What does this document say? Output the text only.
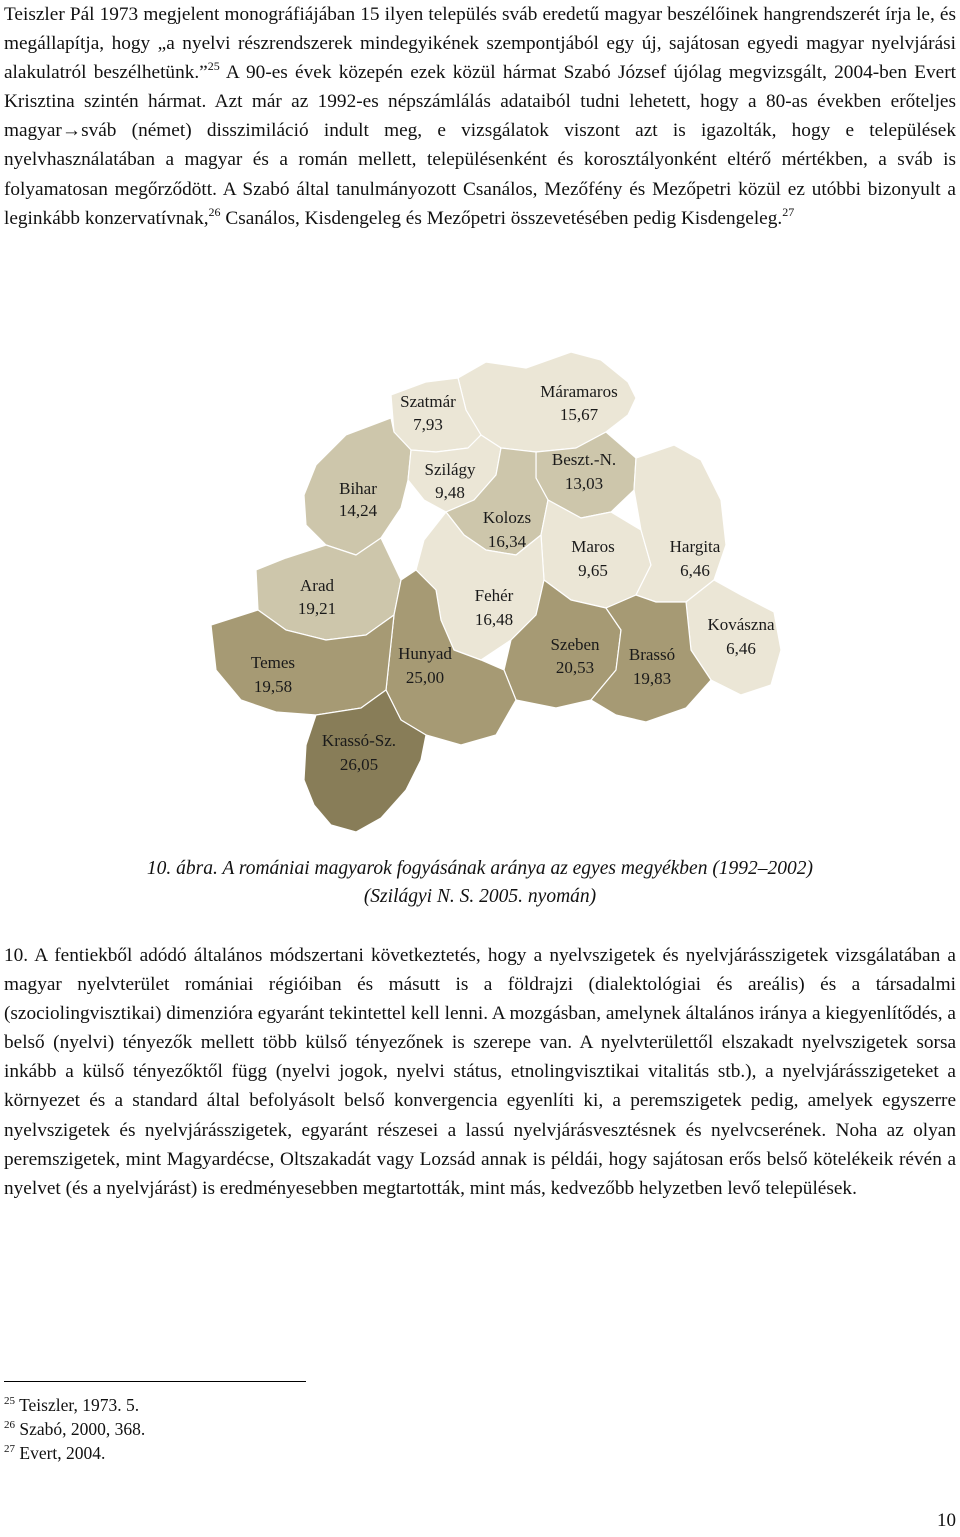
Teiszler Pál 1973 megjelent monográfiájában 15 ilyen település sváb eredetű magyar beszélőinek hangrendszerét írja le, és megállapítja, hogy „a nyelvi részrendszerek mindegyikének szempontjából egy új, sajátosan egyedi magyar nyelvjárási alakulatról beszélhetünk.”$^{25}$ A 90-es évek közepén ezek közül hármat Szabó József újólag megvizsgált, 2004-ben Evert Krisztina szintén hármat. Azt már az 1992-es népszámlálás adataiból tudni lehetett, hogy a 80-as években erőteljes magyar→sváb (német) disszimiláció indult meg, e vizsgálatok viszont azt is igazolták, hogy e települések nyelvhasználatában a magyar és a román mellett, településenként és korosztályonként eltérő mértékben, a sváb is folyamatosan megőrződött. A Szabó által tanulmányozott Csanálos, Mezőfény és Mezőpetri közül ez utóbbi bizonyult a leginkább konzervatívnak,$^{26}$ Csanálos, Kisdengeleg és Mezőpetri összevetésében pedig Kisdengeleg.$^{27}$

Máramaros
15,67
Szatmár
7,93
Bihar
14,24
Szilágy
9,48
Beszt.-N.
13,03
Kolozs
16,34	Maros
9,65
Hargita
6,46
Arad
19,21
Fehér
16,48	Kovászna
6,46
Szeben
20,53
Brassó
19,83
Hunyad
25,00
Temes
19,58
Krassó-Sz.
26,05
10. ábra. A romániai magyarok fogyásának aránya az egyes megyékben (1992–2002)
(Szilágyi N. S. 2005. nyomán)

10. A fentiekből adódó általános módszertani következtetés, hogy a nyelvszigetek és nyelvjárásszigetek vizsgálatában a magyar nyelvterület romániai régióiban és másutt is a földrajzi (dialektológiai és areális) és a társadalmi (szociolingvisztikai) dimenzióra egyaránt tekintettel kell lenni. A mozgásban, amelynek általános iránya a kiegyenlítődés, a belső (nyelvi) tényezők mellett több külső tényezőnek is szerepe van. A nyelvterülettől elszakadt nyelvszigetek sorsa inkább a külső tényezőktől függ (nyelvi jogok, nyelvi státus, etnolingvisztikai vitalitás stb.), a nyelvjárásszigeteket a környezet és a standard által befolyásolt belső konvergencia egyenlíti ki, a peremszigetek pedig, amelyek egyszerre nyelvszigetek és nyelvjárásszigetek, egyaránt részesei a lassú nyelvjárásvesztésnek és nyelvcserének. Noha az olyan peremszigetek, mint Magyardécse, Oltszakadát vagy Lozsád annak is példái, hogy sajátosan erős belső kötelékeik révén a nyelvet (és a nyelvjárást) is eredményesebben megtartották, mint más, kedvezőbb helyzetben levő települések.

$^{25}$ Teiszler, 1973. 5.
$^{26}$ Szabó, 2000, 368.
$^{27}$ Evert, 2004.
10
